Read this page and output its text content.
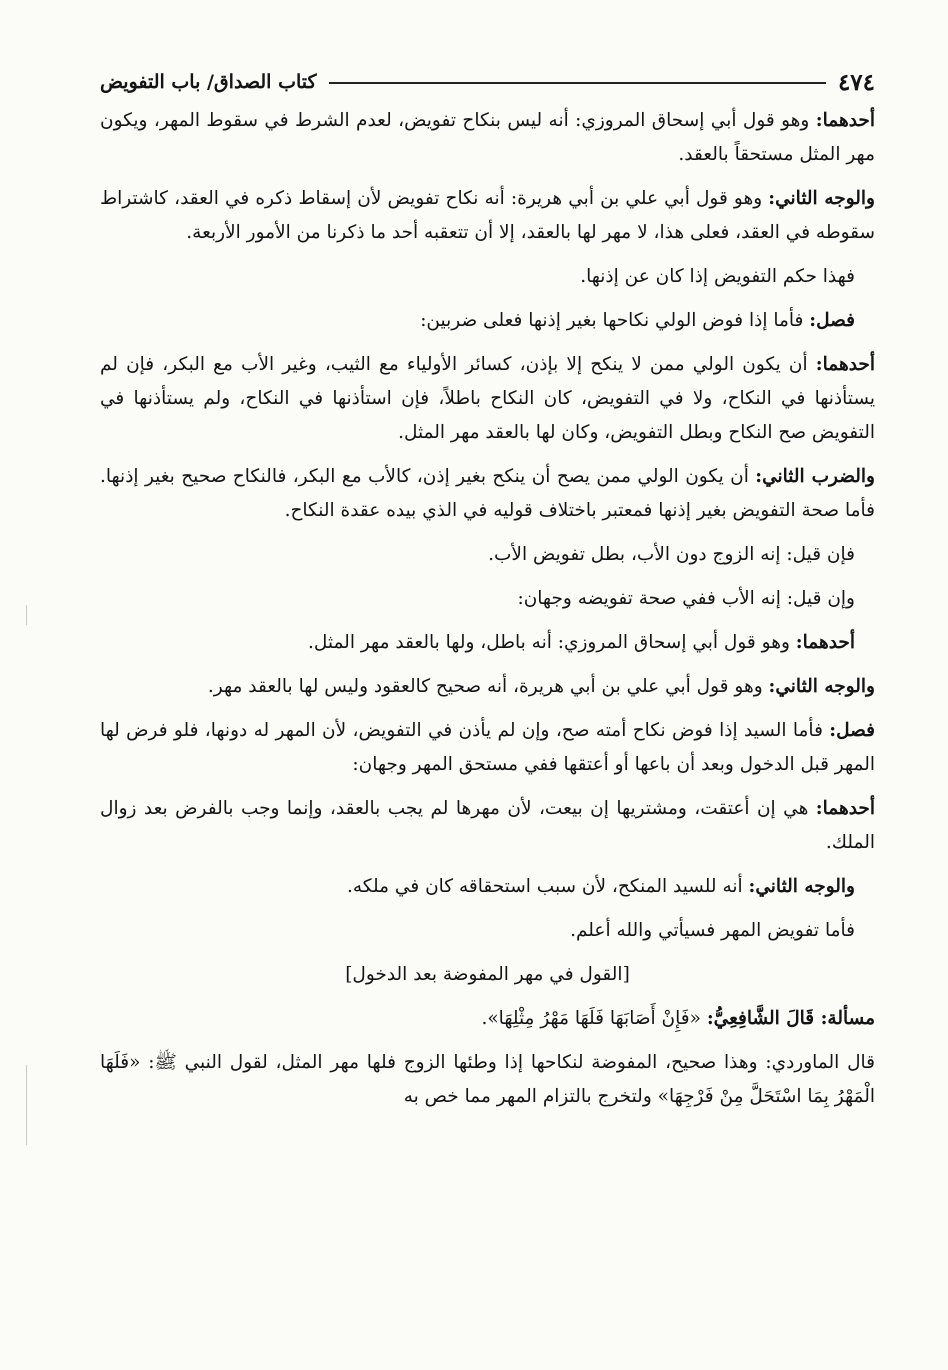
٤٧٤
كتاب الصداق/ باب التفويض

أحدهما: وهو قول أبي إسحاق المروزي: أنه ليس بنكاح تفويض، لعدم الشرط في سقوط المهر، ويكون مهر المثل مستحقاً بالعقد.

والوجه الثاني: وهو قول أبي علي بن أبي هريرة: أنه نكاح تفويض لأن إسقاط ذكره في العقد، كاشتراط سقوطه في العقد، فعلى هذا، لا مهر لها بالعقد، إلا أن تتعقبه أحد ما ذكرنا من الأمور الأربعة.

فهذا حكم التفويض إذا كان عن إذنها.

فصل: فأما إذا فوض الولي نكاحها بغير إذنها فعلى ضربين:

أحدهما: أن يكون الولي ممن لا ينكح إلا بإذن، كسائر الأولياء مع الثيب، وغير الأب مع البكر، فإن لم يستأذنها في النكاح، ولا في التفويض، كان النكاح باطلاً، فإن استأذنها في النكاح، ولم يستأذنها في التفويض صح النكاح وبطل التفويض، وكان لها بالعقد مهر المثل.

والضرب الثاني: أن يكون الولي ممن يصح أن ينكح بغير إذن، كالأب مع البكر، فالنكاح صحيح بغير إذنها. فأما صحة التفويض بغير إذنها فمعتبر باختلاف قوليه في الذي بيده عقدة النكاح.

فإن قيل: إنه الزوج دون الأب، بطل تفويض الأب.

وإن قيل: إنه الأب ففي صحة تفويضه وجهان:

أحدهما: وهو قول أبي إسحاق المروزي: أنه باطل، ولها بالعقد مهر المثل.

والوجه الثاني: وهو قول أبي علي بن أبي هريرة، أنه صحيح كالعقود وليس لها بالعقد مهر.

فصل: فأما السيد إذا فوض نكاح أمته صح، وإن لم يأذن في التفويض، لأن المهر له دونها، فلو فرض لها المهر قبل الدخول وبعد أن باعها أو أعتقها ففي مستحق المهر وجهان:

أحدهما: هي إن أعتقت، ومشتريها إن بيعت، لأن مهرها لم يجب بالعقد، وإنما وجب بالفرض بعد زوال الملك.

والوجه الثاني: أنه للسيد المنكح، لأن سبب استحقاقه كان في ملكه.

فأما تفويض المهر فسيأتي والله أعلم.

[القول في مهر المفوضة بعد الدخول]

مسألة: قَالَ الشَّافِعِيُّ: «فَإِنْ أَصَابَهَا فَلَهَا مَهْرُ مِثْلِهَا».

قال الماوردي: وهذا صحيح، المفوضة لنكاحها إذا وطئها الزوج فلها مهر المثل، لقول النبي ﷺ: «فَلَهَا الْمَهْرُ بِمَا اسْتَحَلَّ مِنْ فَرْجِهَا» ولتخرج بالتزام المهر مما خص به
